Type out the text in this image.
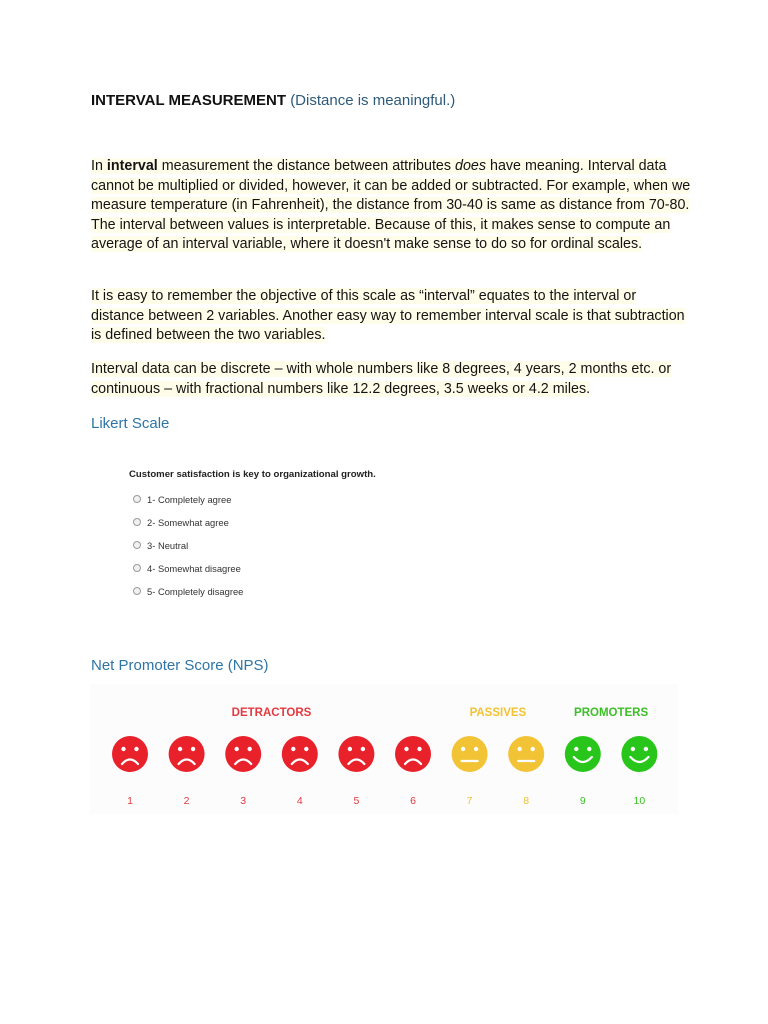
INTERVAL MEASUREMENT (Distance is meaningful.)
In interval measurement the distance between attributes does have meaning. Interval data cannot be multiplied or divided, however, it can be added or subtracted. For example, when we measure temperature (in Fahrenheit), the distance from 30-40 is same as distance from 70-80. The interval between values is interpretable. Because of this, it makes sense to compute an average of an interval variable, where it doesn't make sense to do so for ordinal scales.
It is easy to remember the objective of this scale as “interval” equates to the interval or distance between 2 variables. Another easy way to remember interval scale is that subtraction is defined between the two variables.
Interval data can be discrete – with whole numbers like 8 degrees, 4 years, 2 months etc. or continuous – with fractional numbers like 12.2 degrees, 3.5 weeks or 4.2 miles.
Likert Scale
Customer satisfaction is key to organizational growth.
1- Completely agree
2- Somewhat agree
3- Neutral
4- Somewhat disagree
5- Completely disagree
Net Promoter Score (NPS)
DETRACTORS	PASSIVES	PROMOTERS
1	2	3	4	5	6	7	8	9	10
